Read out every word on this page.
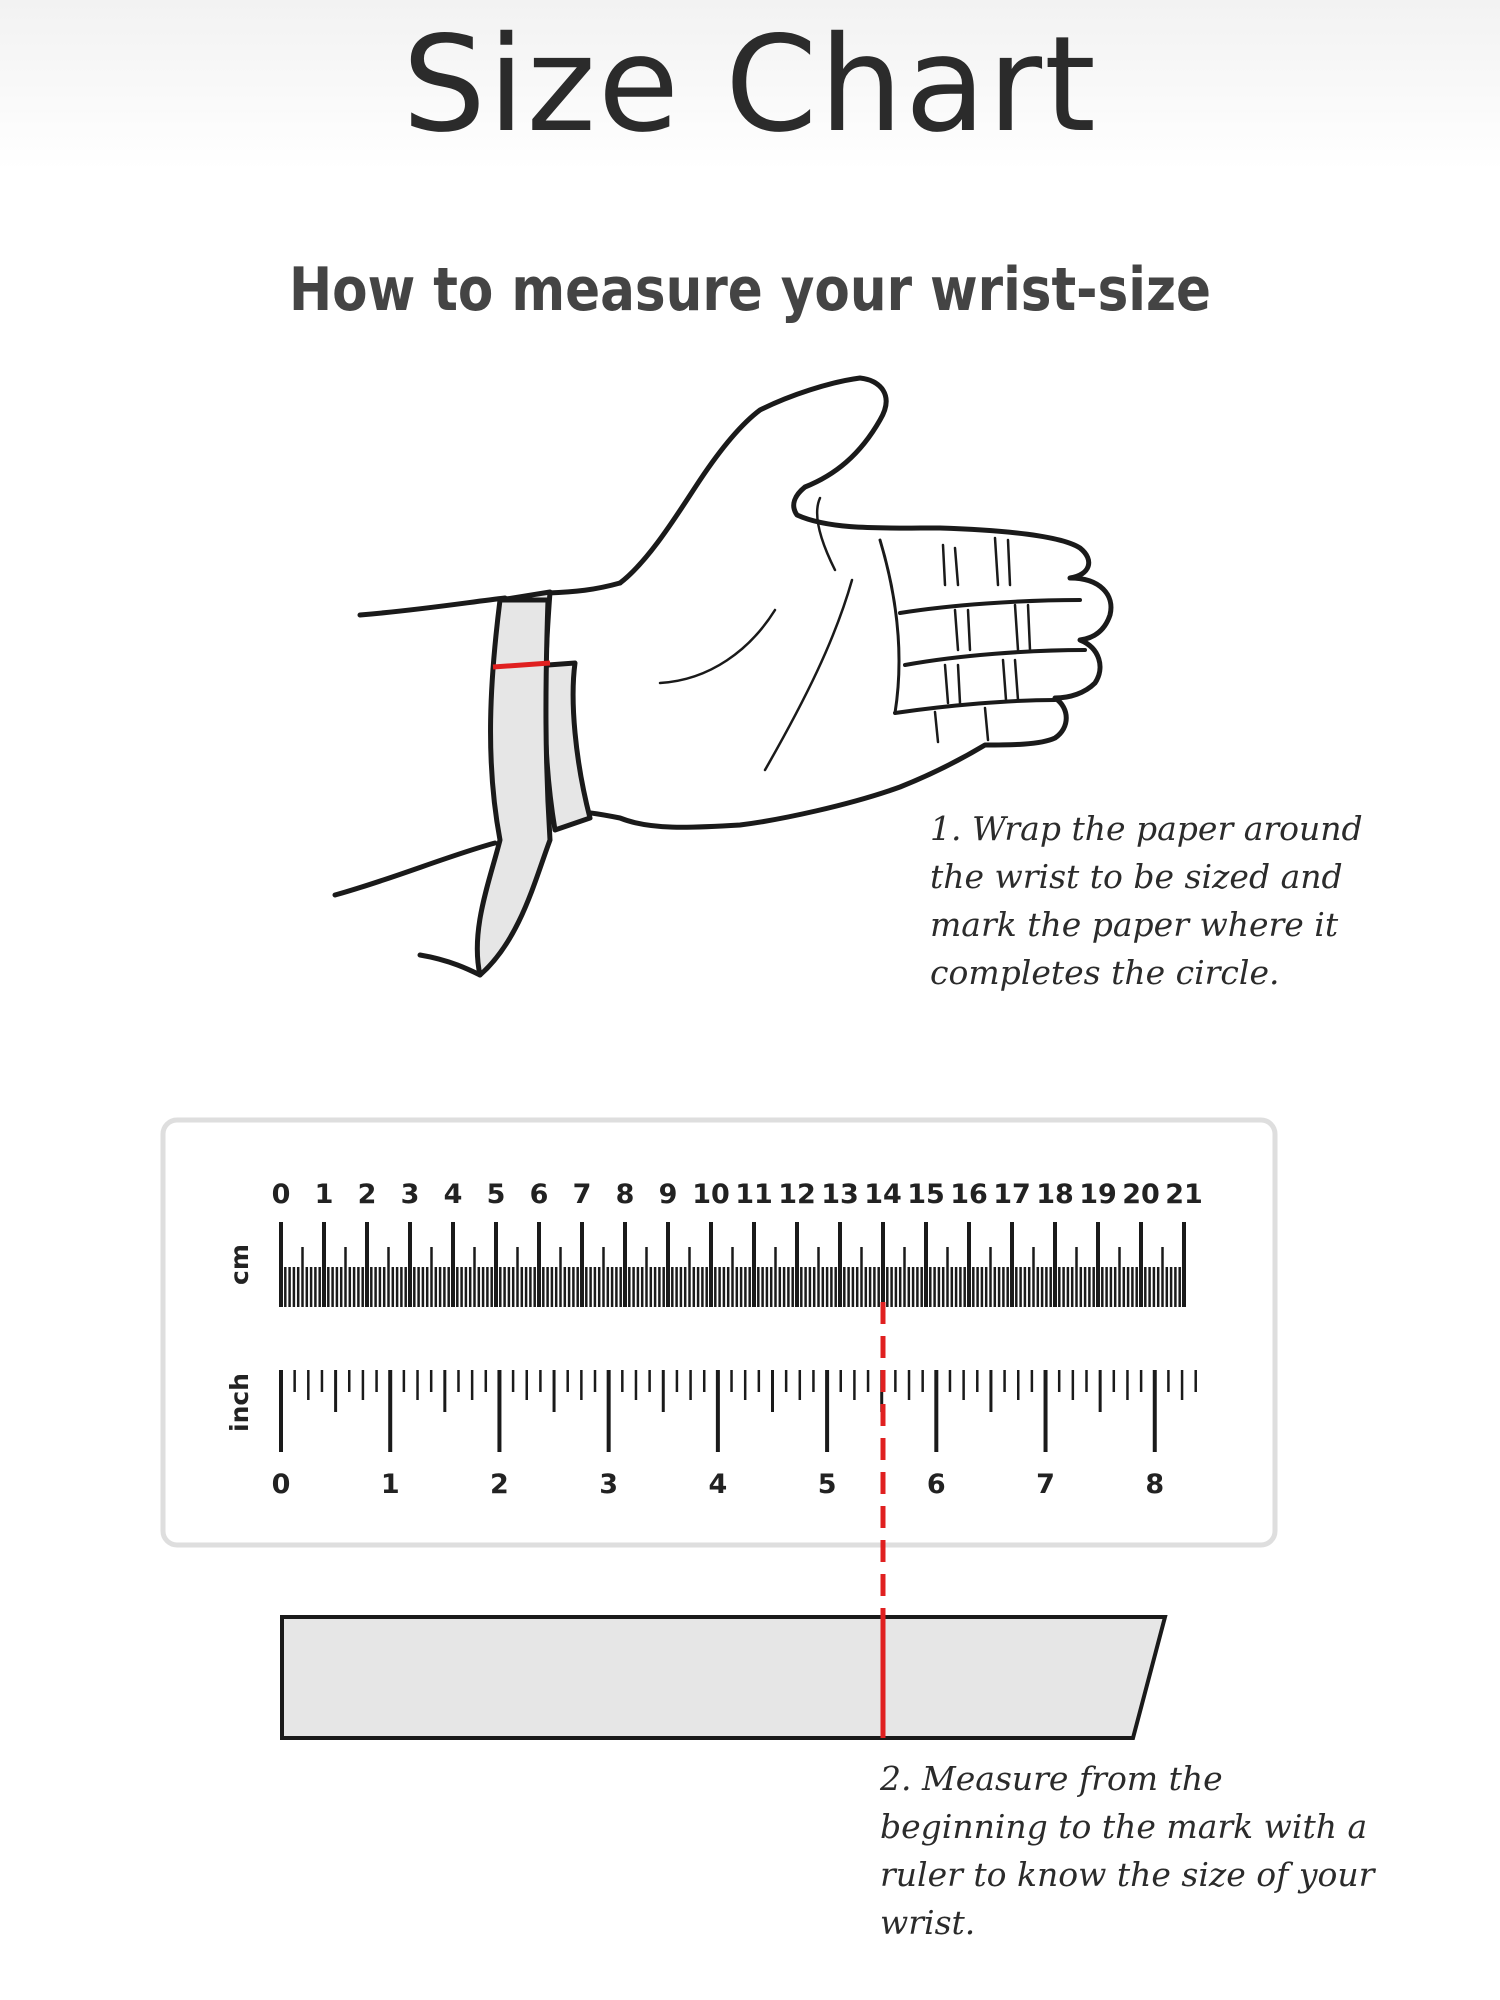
Size Chart
How to measure your wrist-size
1. Wrap the paper around
the wrist to be sized and
mark the paper where it
completes the circle.
cm
inch
0 1 2 3 4 5 6 7 8 9 10 11 12 13 14 15 16 17 18 19 20 21
0	1	2	3	4	5	6	7	8
2. Measure from the
beginning to the mark with a
ruler to know the size of your
wrist.
